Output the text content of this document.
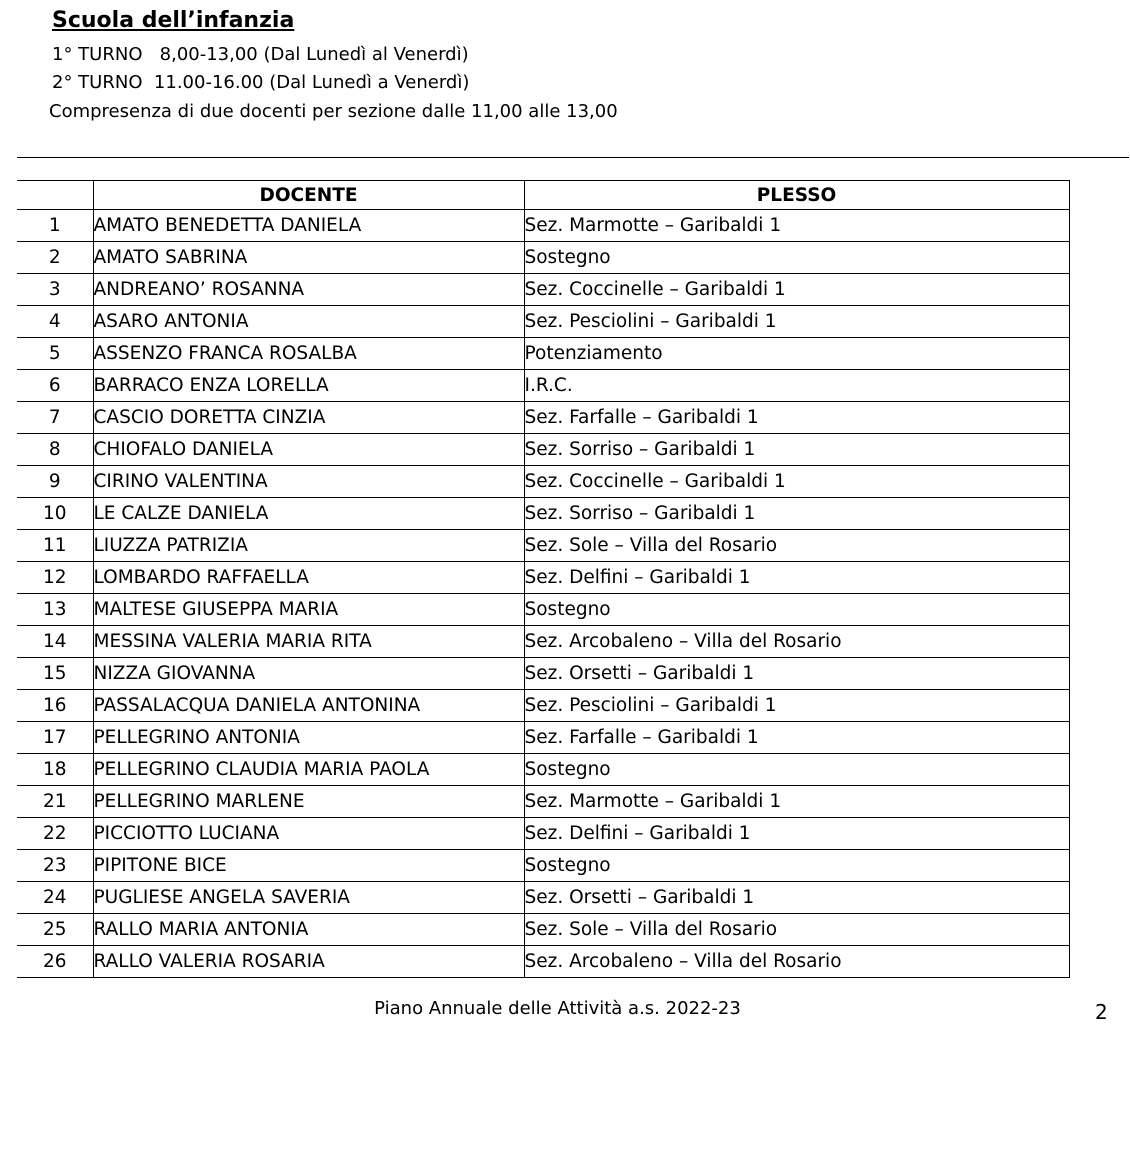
Scuola dell’infanzia
1° TURNO   8,00-13,00 (Dal Lunedì al Venerdì)
2° TURNO  11.00-16.00 (Dal Lunedì a Venerdì)
Compresenza di due docenti per sezione dalle 11,00 alle 13,00
	DOCENTE	PLESSO
1	AMATO BENEDETTA DANIELA	Sez. Marmotte – Garibaldi 1
2	AMATO SABRINA	Sostegno
3	ANDREANO’ ROSANNA	Sez. Coccinelle – Garibaldi 1
4	ASARO ANTONIA	Sez. Pesciolini – Garibaldi 1
5	ASSENZO FRANCA ROSALBA	Potenziamento
6	BARRACO ENZA LORELLA	I.R.C.
7	CASCIO DORETTA CINZIA	Sez. Farfalle – Garibaldi 1
8	CHIOFALO DANIELA	Sez. Sorriso – Garibaldi 1
9	CIRINO VALENTINA	Sez. Coccinelle – Garibaldi 1
10	LE CALZE DANIELA	Sez. Sorriso – Garibaldi 1
11	LIUZZA PATRIZIA	Sez. Sole – Villa del Rosario
12	LOMBARDO RAFFAELLA	Sez. Delfini – Garibaldi 1
13	MALTESE GIUSEPPA MARIA	Sostegno
14	MESSINA VALERIA MARIA RITA	Sez. Arcobaleno – Villa del Rosario
15	NIZZA GIOVANNA	Sez. Orsetti – Garibaldi 1
16	PASSALACQUA DANIELA ANTONINA	Sez. Pesciolini – Garibaldi 1
17	PELLEGRINO ANTONIA	Sez. Farfalle – Garibaldi 1
18	PELLEGRINO CLAUDIA MARIA PAOLA	Sostegno
21	PELLEGRINO MARLENE	Sez. Marmotte – Garibaldi 1
22	PICCIOTTO LUCIANA	Sez. Delfini – Garibaldi 1
23	PIPITONE BICE	Sostegno
24	PUGLIESE ANGELA SAVERIA	Sez. Orsetti – Garibaldi 1
25	RALLO MARIA ANTONIA	Sez. Sole – Villa del Rosario
26	RALLO VALERIA ROSARIA	Sez. Arcobaleno – Villa del Rosario
Piano Annuale delle Attività a.s. 2022-23	2
